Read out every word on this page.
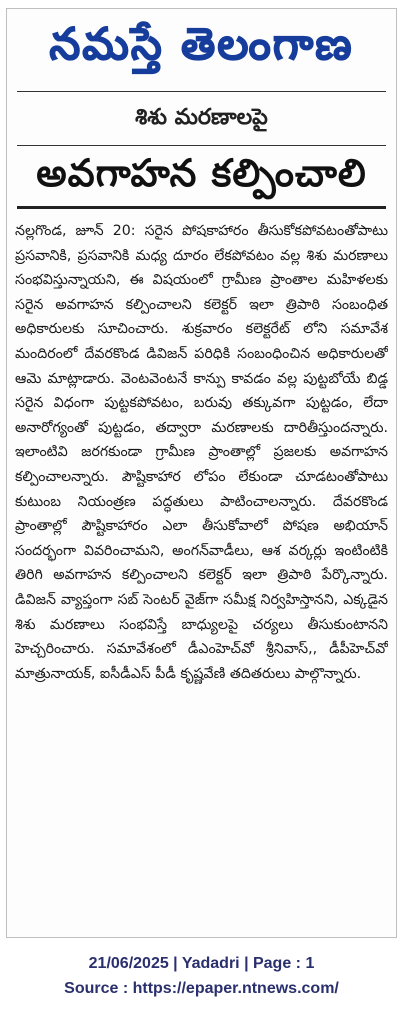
నమస్తే తెలంగాణ
శిశు మరణాలపై
అవగాహన కల్పించాలి

నల్లగొండ, జూన్ 20: సరైన పోషకాహారం తీసుకోకపోవటంతోపాటు ప్రసవానికి, ప్రసవానికి మధ్య దూరం లేకపోవటం వల్ల శిశు మరణాలు సంభవిస్తున్నాయని, ఈ విషయంలో గ్రామీణ ప్రాంతాల మహిళలకు సరైన అవగాహన కల్పించాలని కలెక్టర్ ఇలా త్రిపాఠి సంబంధిత అధికారులకు సూచించారు. శుక్రవారం కలెక్టరేట్ లోని సమావేశ మందిరంలో దేవరకొండ డివిజన్ పరిధికి సంబంధించిన అధికారులతో ఆమె మాట్లాడారు. వెంటవెంటనే కాన్పు కావడం వల్ల పుట్టబోయే బిడ్డ సరైన విధంగా పుట్టకపోవటం, బరువు తక్కువగా పుట్టడం, లేదా అనారోగ్యంతో పుట్టడం, తద్వారా మరణాలకు దారితీస్తుందన్నారు. ఇలాంటివి జరగకుండా గ్రామీణ ప్రాంతాల్లో ప్రజలకు అవగాహన కల్పించాలన్నారు. పౌష్టికాహార లోపం లేకుండా చూడటంతోపాటు కుటుంబ నియంత్రణ పద్ధతులు పాటించాలన్నారు. దేవరకొండ ప్రాంతాల్లో పౌష్టికాహారం ఎలా తీసుకోవాలో పోషణ అభియాన్ సందర్భంగా వివరించామని, అంగన్‌వాడీలు, ఆశ వర్కర్లు ఇంటింటికి తిరిగి అవగాహన కల్పించాలని కలెక్టర్ ఇలా త్రిపాఠి పేర్కొన్నారు. డివిజన్ వ్యాప్తంగా సబ్ సెంటర్ వైజ్‌గా సమీక్ష నిర్వహిస్తానని, ఎక్కడైన శిశు మరణాలు సంభవిస్తే బాధ్యులపై చర్యలు తీసుకుంటానని హెచ్చరించారు. సమావేశంలో డీఎంహెచ్‌వో శ్రీనివాస్,, డీపీహెచ్‌వో మాత్రునాయక్, ఐసీడీఎస్ పీడీ కృష్ణవేణి తదితరులు పాల్గొన్నారు.

21/06/2025 | Yadadri | Page : 1
Source : https://epaper.ntnews.com/
